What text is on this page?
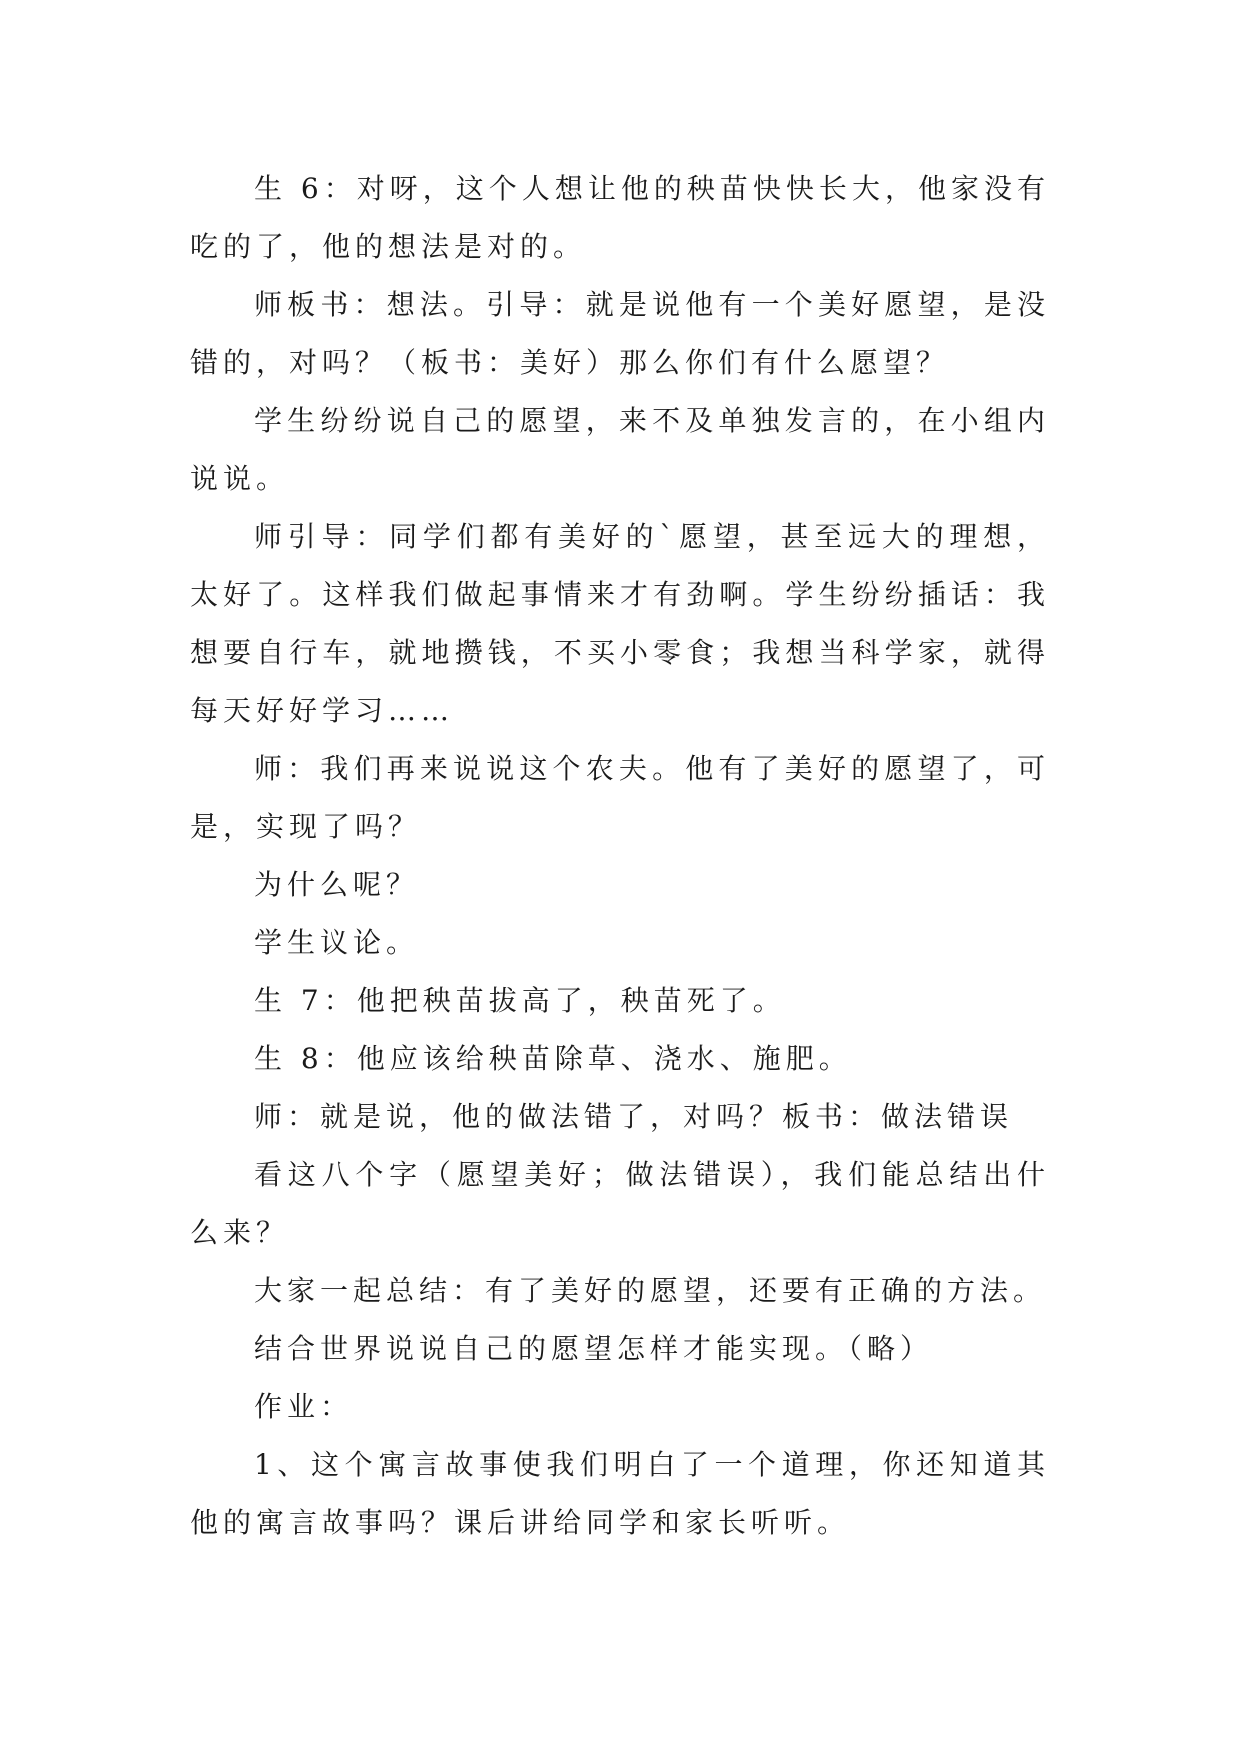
生 6：对呀，这个人想让他的秧苗快快长大，他家没有吃的了，他的想法是对的。

师板书：想法。引导：就是说他有一个美好愿望，是没错的，对吗？（板书：美好）那么你们有什么愿望？

学生纷纷说自己的愿望，来不及单独发言的，在小组内说说。

师引导：同学们都有美好的`愿望，甚至远大的理想，太好了。这样我们做起事情来才有劲啊。学生纷纷插话：我想要自行车，就地攒钱，不买小零食；我想当科学家，就得每天好好学习……

师：我们再来说说这个农夫。他有了美好的愿望了，可是，实现了吗？

为什么呢？

学生议论。

生 7：他把秧苗拔高了，秧苗死了。

生 8：他应该给秧苗除草、浇水、施肥。

师：就是说，他的做法错了，对吗？板书：做法错误

看这八个字（愿望美好；做法错误），我们能总结出什么来？

大家一起总结：有了美好的愿望，还要有正确的方法。

结合世界说说自己的愿望怎样才能实现。（略）

作业：

1、这个寓言故事使我们明白了一个道理，你还知道其他的寓言故事吗？课后讲给同学和家长听听。
